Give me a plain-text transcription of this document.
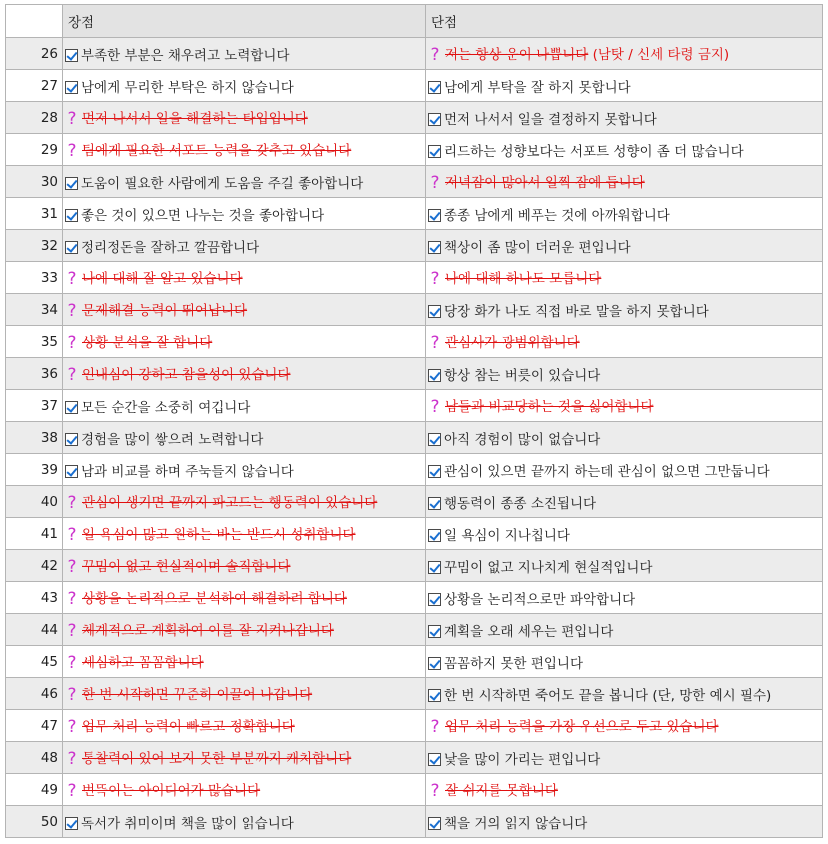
	장점	단점
26	부족한 부분은 채우려고 노력합니다	? 저는 항상 운이 나쁩니다 (남탓 / 신세 타령 금지)
27	남에게 무리한 부탁은 하지 않습니다	남에게 부탁을 잘 하지 못합니다
28	? 먼저 나서서 일을 해결하는 타입입니다	먼저 나서서 일을 결정하지 못합니다
29	? 팀에게 필요한 서포트 능력을 갖추고 있습니다	리드하는 성향보다는 서포트 성향이 좀 더 많습니다
30	도움이 필요한 사람에게 도움을 주길 좋아합니다	? 저녁잠이 많아서 일찍 잠에 듭니다
31	좋은 것이 있으면 나누는 것을 좋아합니다	종종 남에게 베푸는 것에 아까워합니다
32	정리정돈을 잘하고 깔끔합니다	책상이 좀 많이 더러운 편입니다
33	? 나에 대해 잘 알고 있습니다	? 나에 대해 하나도 모릅니다
34	? 문제해결 능력이 뛰어납니다	당장 화가 나도 직접 바로 말을 하지 못합니다
35	? 상황 분석을 잘 합니다	? 관심사가 광범위합니다
36	? 인내심이 강하고 참을성이 있습니다	항상 참는 버릇이 있습니다
37	모든 순간을 소중히 여깁니다	? 남들과 비교당하는 것을 싫어합니다
38	경험을 많이 쌓으려 노력합니다	아직 경험이 많이 없습니다
39	남과 비교를 하며 주눅들지 않습니다	관심이 있으면 끝까지 하는데 관심이 없으면 그만둡니다
40	? 관심이 생기면 끝까지 파고드는 행동력이 있습니다	행동력이 종종 소진됩니다
41	? 일 욕심이 많고 원하는 바는 반드시 성취합니다	일 욕심이 지나칩니다
42	? 꾸밈이 없고 현실적이며 솔직합니다	꾸밈이 없고 지나치게 현실적입니다
43	? 상황을 논리적으로 분석하여 해결하려 합니다	상황을 논리적으로만 파악합니다
44	? 체계적으로 계획하여 이를 잘 지켜나갑니다	계획을 오래 세우는 편입니다
45	? 세심하고 꼼꼼합니다	꼼꼼하지 못한 편입니다
46	? 한 번 시작하면 꾸준히 이끌어 나갑니다	한 번 시작하면 죽어도 끝을 봅니다 (단, 망한 예시 필수)
47	? 업무 처리 능력이 빠르고 정확합니다	? 업무 처리 능력을 가장 우선으로 두고 있습니다
48	? 통찰력이 있어 보지 못한 부분까지 캐치합니다	낯을 많이 가리는 편입니다
49	? 번뜩이는 아이디어가 많습니다	? 잘 쉬지를 못합니다
50	독서가 취미이며 책을 많이 읽습니다	책을 거의 읽지 않습니다
